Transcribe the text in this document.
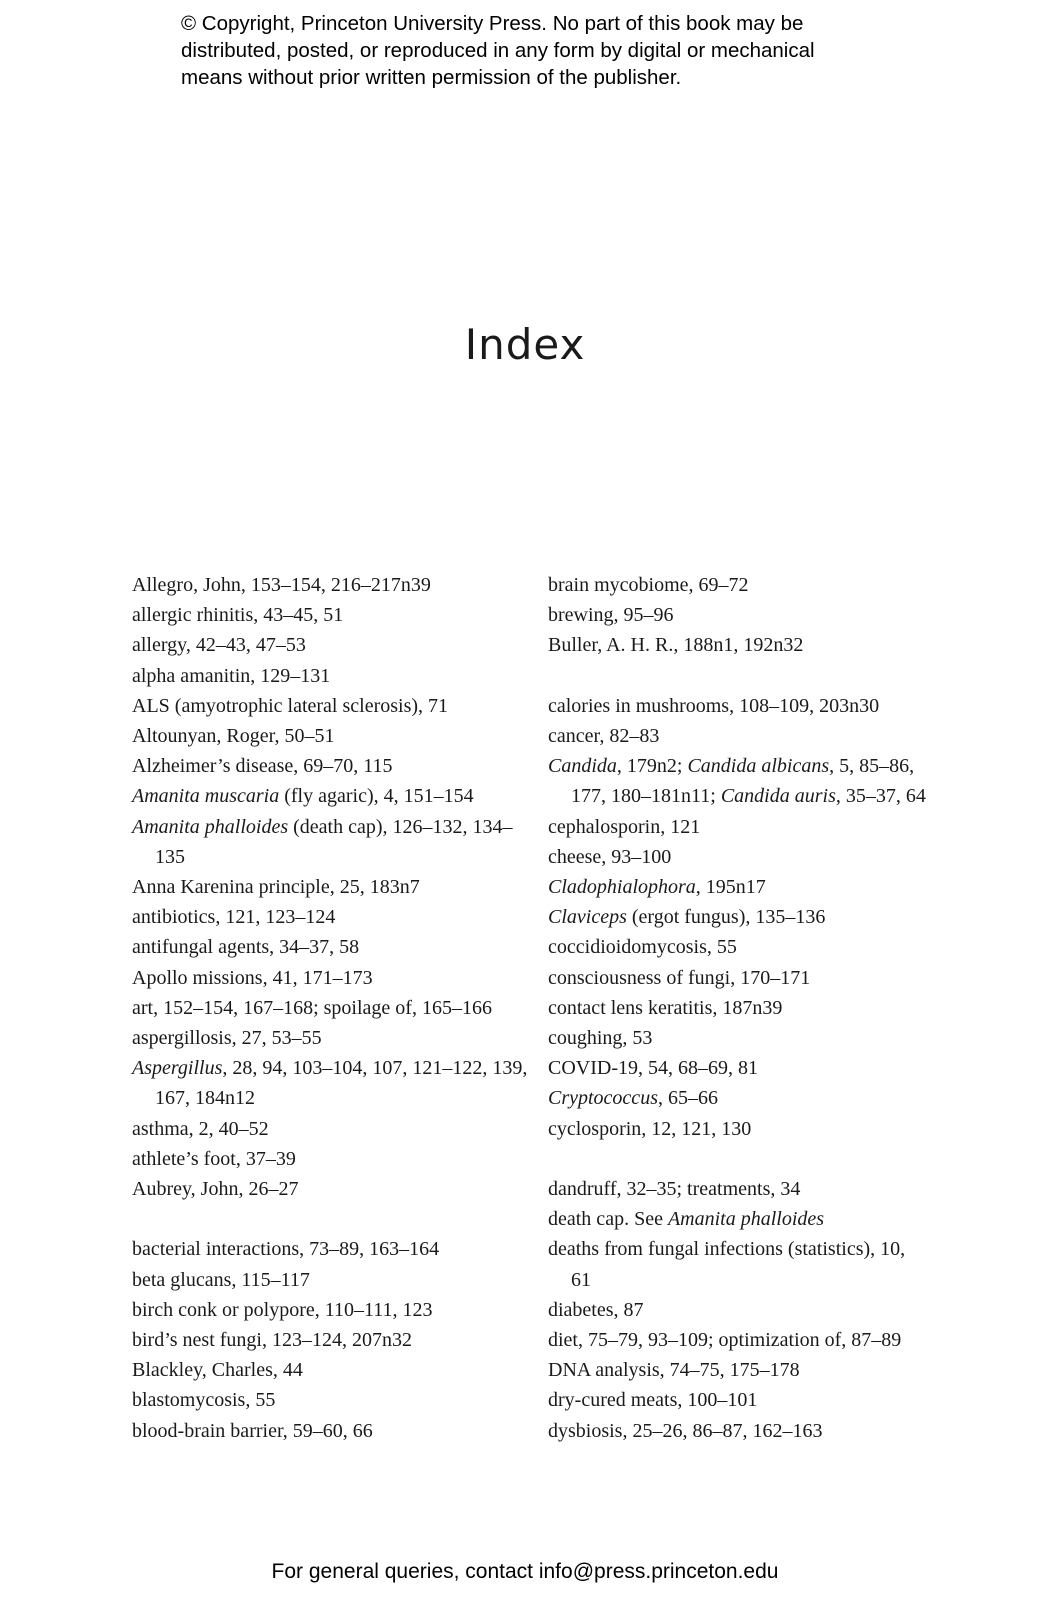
© Copyright, Princeton University Press. No part of this book may be
distributed, posted, or reproduced in any form by digital or mechanical
means without prior written permission of the publisher.
Index
Allegro, John, 153–154, 216–217n39
allergic rhinitis, 43–45, 51
allergy, 42–43, 47–53
alpha amanitin, 129–131
ALS (amyotrophic lateral sclerosis), 71
Altounyan, Roger, 50–51
Alzheimer’s disease, 69–70, 115
Amanita muscaria (fly agaric), 4, 151–154
Amanita phalloides (death cap), 126–132, 134–135
Anna Karenina principle, 25, 183n7
antibiotics, 121, 123–124
antifungal agents, 34–37, 58
Apollo missions, 41, 171–173
art, 152–154, 167–168; spoilage of, 165–166
aspergillosis, 27, 53–55
Aspergillus, 28, 94, 103–104, 107, 121–122, 139, 167, 184n12
asthma, 2, 40–52
athlete’s foot, 37–39
Aubrey, John, 26–27
bacterial interactions, 73–89, 163–164
beta glucans, 115–117
birch conk or polypore, 110–111, 123
bird’s nest fungi, 123–124, 207n32
Blackley, Charles, 44
blastomycosis, 55
blood-brain barrier, 59–60, 66
brain mycobiome, 69–72
brewing, 95–96
Buller, A. H. R., 188n1, 192n32
calories in mushrooms, 108–109, 203n30
cancer, 82–83
Candida, 179n2; Candida albicans, 5, 85–86, 177, 180–181n11; Candida auris, 35–37, 64
cephalosporin, 121
cheese, 93–100
Cladophialophora, 195n17
Claviceps (ergot fungus), 135–136
coccidioidomycosis, 55
consciousness of fungi, 170–171
contact lens keratitis, 187n39
coughing, 53
COVID-19, 54, 68–69, 81
Cryptococcus, 65–66
cyclosporin, 12, 121, 130
dandruff, 32–35; treatments, 34
death cap. See Amanita phalloides
deaths from fungal infections (statistics), 10, 61
diabetes, 87
diet, 75–79, 93–109; optimization of, 87–89
DNA analysis, 74–75, 175–178
dry-cured meats, 100–101
dysbiosis, 25–26, 86–87, 162–163
For general queries, contact info@press.princeton.edu
